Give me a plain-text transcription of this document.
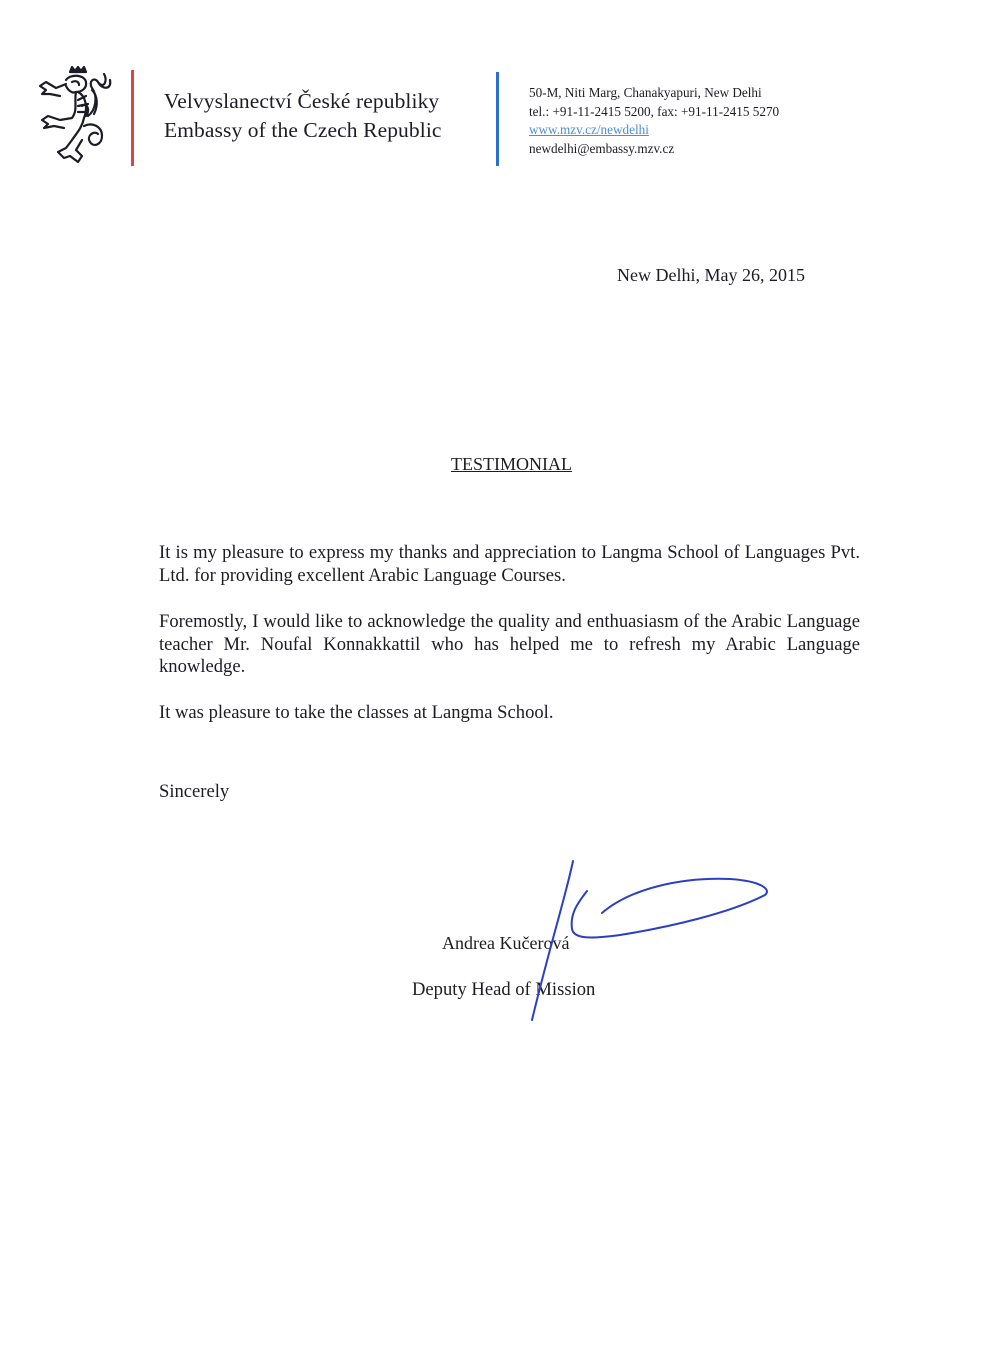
Velvyslanectví České republiky
Embassy of the Czech Republic
50-M, Niti Marg, Chanakyapuri, New Delhi
tel.: +91-11-2415 5200, fax: +91-11-2415 5270
www.mzv.cz/newdelhi
newdelhi@embassy.mzv.cz
New Delhi, May 26, 2015
TESTIMONIAL
It is my pleasure to express my thanks and appreciation to Langma School of Languages Pvt. Ltd. for providing excellent Arabic Language Courses.
Foremostly, I would like to acknowledge the quality and enthuasiasm of the Arabic Language teacher Mr. Noufal Konnakkattil who has helped me to refresh my Arabic Language knowledge.
It was pleasure to take the classes at Langma School.
Sincerely
Andrea Kučerová
Deputy Head of Mission
